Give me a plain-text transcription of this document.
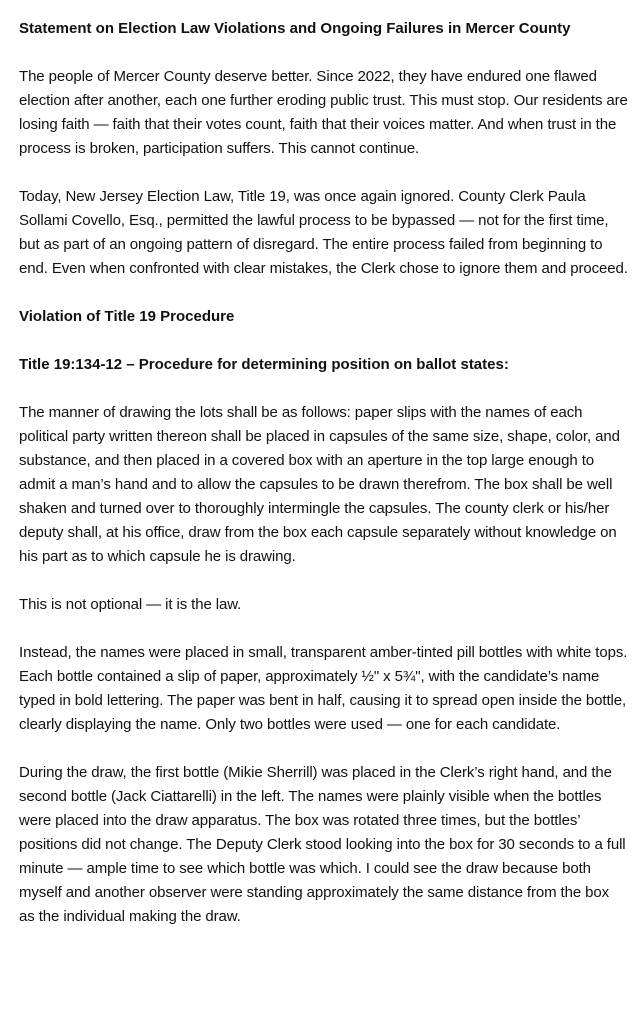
Statement on Election Law Violations and Ongoing Failures in Mercer County

The people of Mercer County deserve better. Since 2022, they have endured one flawed election after another, each one further eroding public trust. This must stop. Our residents are losing faith — faith that their votes count, faith that their voices matter. And when trust in the process is broken, participation suffers. This cannot continue.

Today, New Jersey Election Law, Title 19, was once again ignored. County Clerk Paula Sollami Covello, Esq., permitted the lawful process to be bypassed — not for the first time, but as part of an ongoing pattern of disregard. The entire process failed from beginning to end. Even when confronted with clear mistakes, the Clerk chose to ignore them and proceed.

Violation of Title 19 Procedure
Title 19:134-12 – Procedure for determining position on ballot states:

The manner of drawing the lots shall be as follows: paper slips with the names of each political party written thereon shall be placed in capsules of the same size, shape, color, and substance, and then placed in a covered box with an aperture in the top large enough to admit a man’s hand and to allow the capsules to be drawn therefrom. The box shall be well shaken and turned over to thoroughly intermingle the capsules. The county clerk or his/her deputy shall, at his office, draw from the box each capsule separately without knowledge on his part as to which capsule he is drawing.

This is not optional — it is the law.

Instead, the names were placed in small, transparent amber-tinted pill bottles with white tops. Each bottle contained a slip of paper, approximately ½" x 5¾", with the candidate’s name typed in bold lettering. The paper was bent in half, causing it to spread open inside the bottle, clearly displaying the name. Only two bottles were used — one for each candidate.

During the draw, the first bottle (Mikie Sherrill) was placed in the Clerk’s right hand, and the second bottle (Jack Ciattarelli) in the left. The names were plainly visible when the bottles were placed into the draw apparatus. The box was rotated three times, but the bottles’ positions did not change. The Deputy Clerk stood looking into the box for 30 seconds to a full minute — ample time to see which bottle was which. I could see the draw because both myself and another observer were standing approximately the same distance from the box as the individual making the draw.
